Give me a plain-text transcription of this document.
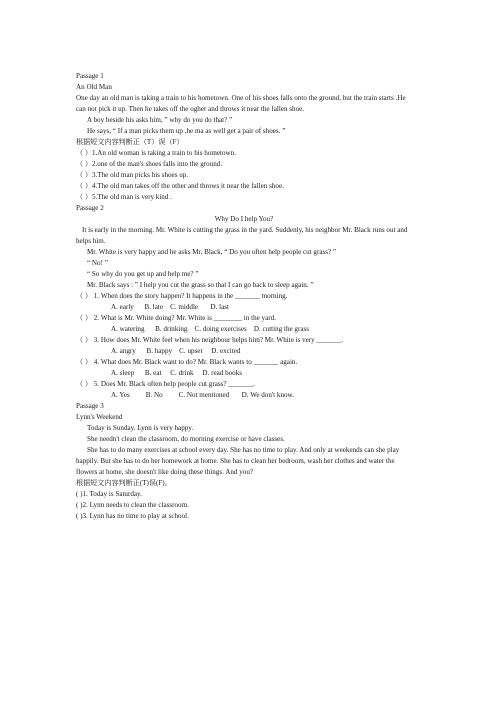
Passage 1
An Old Man
One day an old man is taking a train to his hometown. One of his shoes falls onto the ground, but the train starts .He can not pick it up. Then he takes off the ogher and throws it near the fallen shoe.
A boy beside his asks him, ” why do you do that? ”
He says, “ If a man picks them up ,he ma as well get a pair of shoes. ”
根据短文内容判断正（T）误（F）
（ ）1.An old woman is taking a train to his hometown.
（ ）2.one of the man's shoes falls into the ground.
（ ）3.The old man picks his shoes up.
（ ）4.The old man takes off the other and throws it near the fallen shoe.
（ ）5.The old man is very kind .
Passage 2
Why Do I help You?
It is early in the morning. Mr. White is cutting the grass in the yard. Suddenly, his neighbor Mr. Black runs out and helps him.
Mr. White is very happy and he asks Mr. Black, “ Do you often help people cut grass? ”
“ No! ”
“ So why do you get up and help me? ”
Mr. Black says : ” I help you cut the grass so that I can go back to sleep again. ”
（ ） 1. When does the story happen? It happens in the _______ morning.
A. early      B. late    C. middle       D. last
（ ） 2. What is Mr. White doing? Mr. White is ________ in the yard.
A. watering      B. drinking    C. doing exercises    D. cutting the grass
（ ） 3. How does Mr. White feel when his neighbour helps him? Mr. White is very _______.
A. angry      B. happy    C. upset     D. excited
（ ） 4. What does Mr. Black want to do? Mr. Black wants to _______ again.
A. sleep      B. eat     C. drink     D. read books
（ ） 5. Does Mr. Black often help people cut grass? _______.
A. Yes         B. No         C. Not mentioned       D. We don't know.
Passage 3
Lynn's Weekend
Today is Sunday. Lynn is very happy.
She needn't clean the classroom, do morning exercise or have classes.
She has to do many exercises at school every day. She has no time to play. And only at weekends can she play happily. But she has to do her homework at home. She has to clean her bedroom, wash her clothes and water the flowers at home, she doesn't like doing these things. And you?
根据短文内容判断正(T)误(F)。
( )1. Today is Saturday.
( )2. Lynn needs to clean the classroom.
( )3. Lynn has no time to play at school.
